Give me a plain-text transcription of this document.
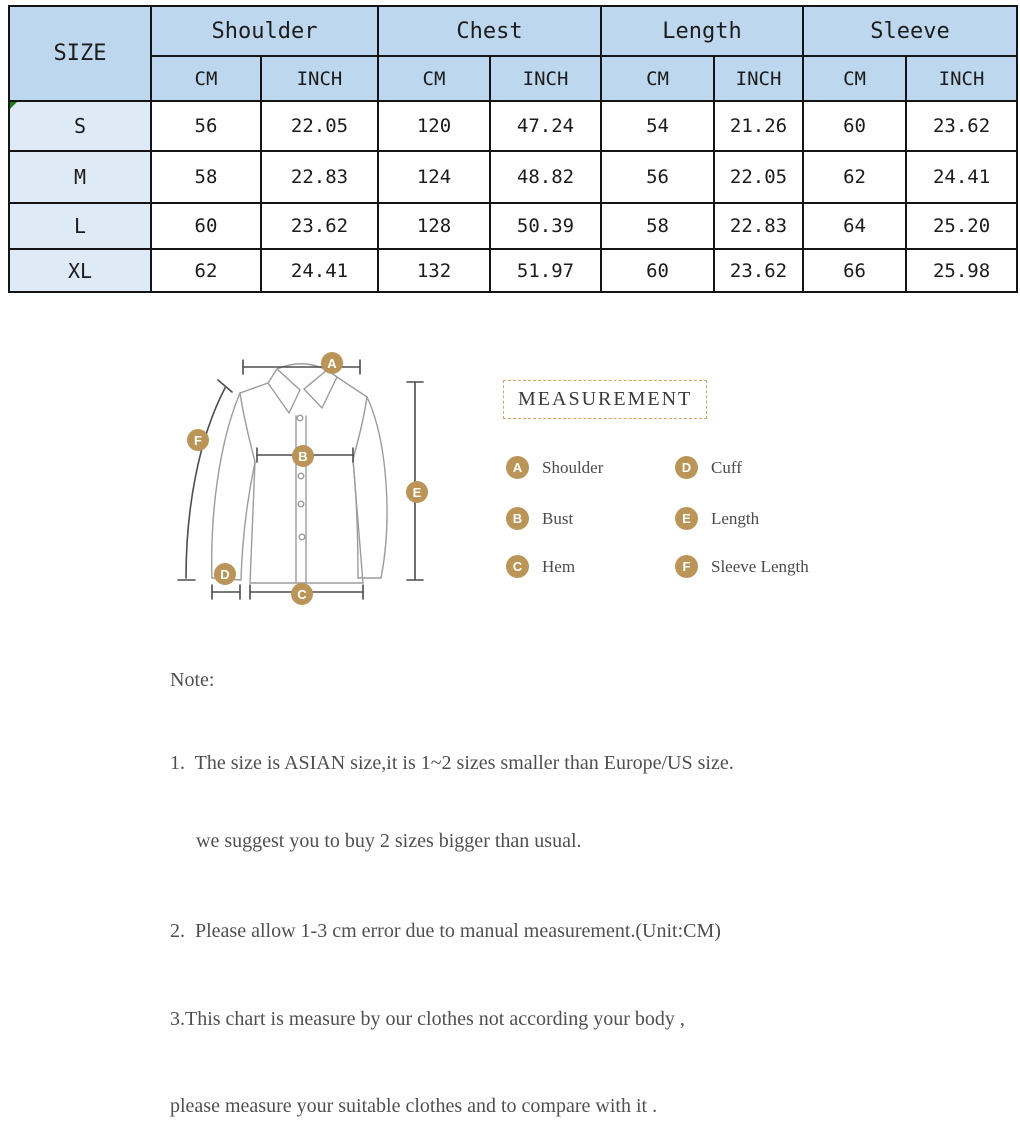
SIZE	Shoulder		Chest		Length		Sleeve	
	CM	INCH	CM	INCH	CM	INCH	CM	INCH

S	56	22.05	120	47.24	54	21.26	60	23.62
M	58	22.83	124	48.82	56	22.05	62	24.41
L	60	23.62	128	50.39	58	22.83	64	25.20
XL	62	24.41	132	51.97	60	23.62	66	25.98
A
B
C
D
E
F
MEASUREMENT
A	Shoulder
B	Bust
C	Hem
D	Cuff
E	Length
F	Sleeve Length

Note:

1.  The size is ASIAN size,it is 1~2 sizes smaller than Europe/US size.

we suggest you to buy 2 sizes bigger than usual.

2.  Please allow 1-3 cm error due to manual measurement.(Unit:CM)

3.This chart is measure by our clothes not according your body ,

please measure your suitable clothes and to compare with it .
